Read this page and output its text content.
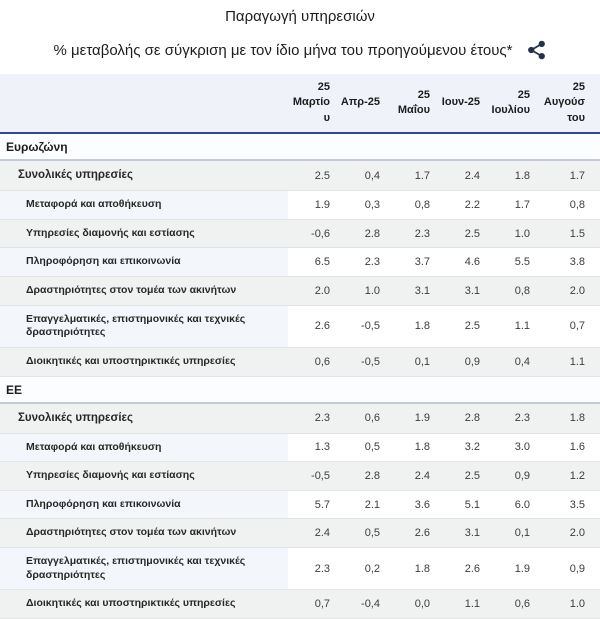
Παραγωγή υπηρεσιών
% μεταβολής σε σύγκριση με τον ίδιο μήνα του προηγούμενου έτους*
	25 Μαρτίου	Απρ-25	25 Μαΐου	Ιουν-25	25 Ιουλίου	25 Αυγούστου
Ευρωζώνη						
Συνολικές υπηρεσίες	2.5	0,4	1.7	2.4	1.8	1.7
Μεταφορά και αποθήκευση	1.9	0,3	0,8	2.2	1.7	0,8
Υπηρεσίες διαμονής και εστίασης	-0,6	2.8	2.3	2.5	1.0	1.5
Πληροφόρηση και επικοινωνία	6.5	2.3	3.7	4.6	5.5	3.8
Δραστηριότητες στον τομέα των ακινήτων	2.0	1.0	3.1	3.1	0,8	2.0
Επαγγελματικές, επιστημονικές και τεχνικές δραστηριότητες	2.6	-0,5	1.8	2.5	1.1	0,7
Διοικητικές και υποστηρικτικές υπηρεσίες	0,6	-0,5	0,1	0,9	0,4	1.1
ΕΕ						
Συνολικές υπηρεσίες	2.3	0,6	1.9	2.8	2.3	1.8
Μεταφορά και αποθήκευση	1.3	0,5	1.8	3.2	3.0	1.6
Υπηρεσίες διαμονής και εστίασης	-0,5	2.8	2.4	2.5	0,9	1.2
Πληροφόρηση και επικοινωνία	5.7	2.1	3.6	5.1	6.0	3.5
Δραστηριότητες στον τομέα των ακινήτων	2.4	0,5	2.6	3.1	0,1	2.0
Επαγγελματικές, επιστημονικές και τεχνικές δραστηριότητες	2.3	0,2	1.8	2.6	1.9	0,9
Διοικητικές και υποστηρικτικές υπηρεσίες	0,7	-0,4	0,0	1.1	0,6	1.0
